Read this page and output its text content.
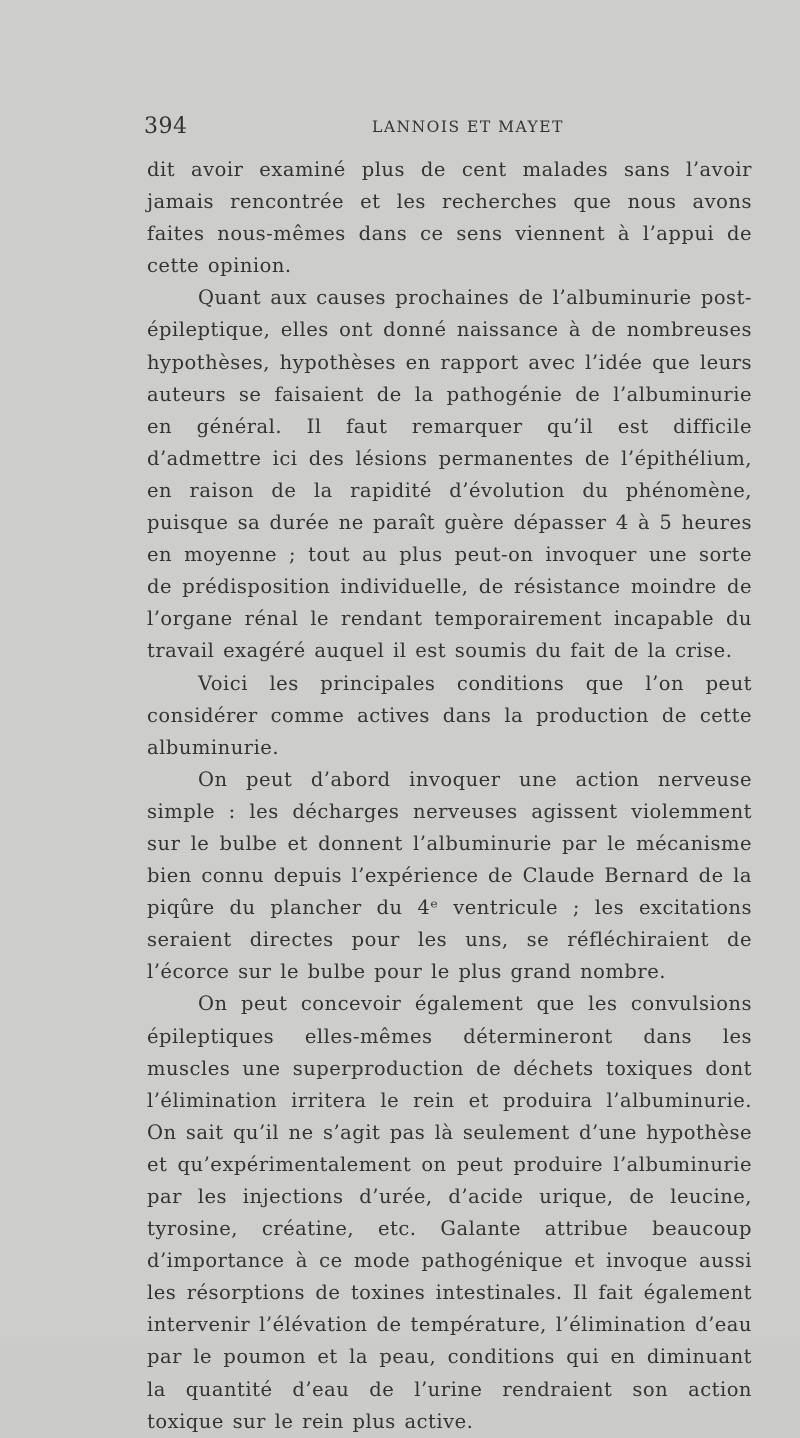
394	LANNOIS ET MAYET

dit avoir examiné plus de cent malades sans l’avoir jamais rencontrée et les recherches que nous avons faites nous-mêmes dans ce sens viennent à l’appui de cette opinion.

Quant aux causes prochaines de l’albuminurie post-épileptique, elles ont donné naissance à de nombreuses hypothèses, hypothèses en rapport avec l’idée que leurs auteurs se faisaient de la pathogénie de l’albuminurie en général. Il faut remarquer qu’il est difficile d’admettre ici des lésions permanentes de l’épithélium, en raison de la rapidité d’évolution du phénomène, puisque sa durée ne paraît guère dépasser 4 à 5 heures en moyenne ; tout au plus peut-on invoquer une sorte de prédisposition individuelle, de résistance moindre de l’organe rénal le rendant temporairement incapable du travail exagéré auquel il est soumis du fait de la crise.

Voici les principales conditions que l’on peut considérer comme actives dans la production de cette albuminurie.

On peut d’abord invoquer une action nerveuse simple : les décharges nerveuses agissent violemment sur le bulbe et donnent l’albuminurie par le mécanisme bien connu depuis l’expérience de Claude Bernard de la piqûre du plancher du 4ᵉ ventricule ; les excitations seraient directes pour les uns, se réfléchiraient de l’écorce sur le bulbe pour le plus grand nombre.

On peut concevoir également que les convulsions épileptiques elles-mêmes détermineront dans les muscles une superproduction de déchets toxiques dont l’élimination irritera le rein et produira l’albuminurie. On sait qu’il ne s’agit pas là seulement d’une hypothèse et qu’expérimentalement on peut produire l’albuminurie par les injections d’urée, d’acide urique, de leucine, tyrosine, créatine, etc. Galante attribue beaucoup d’importance à ce mode pathogénique et invoque aussi les résorptions de toxines intestinales. Il fait également intervenir l’élévation de température, l’élimination d’eau par le poumon et la peau, conditions qui en diminuant la quantité d’eau de l’urine rendraient son action toxique sur le rein plus active.
